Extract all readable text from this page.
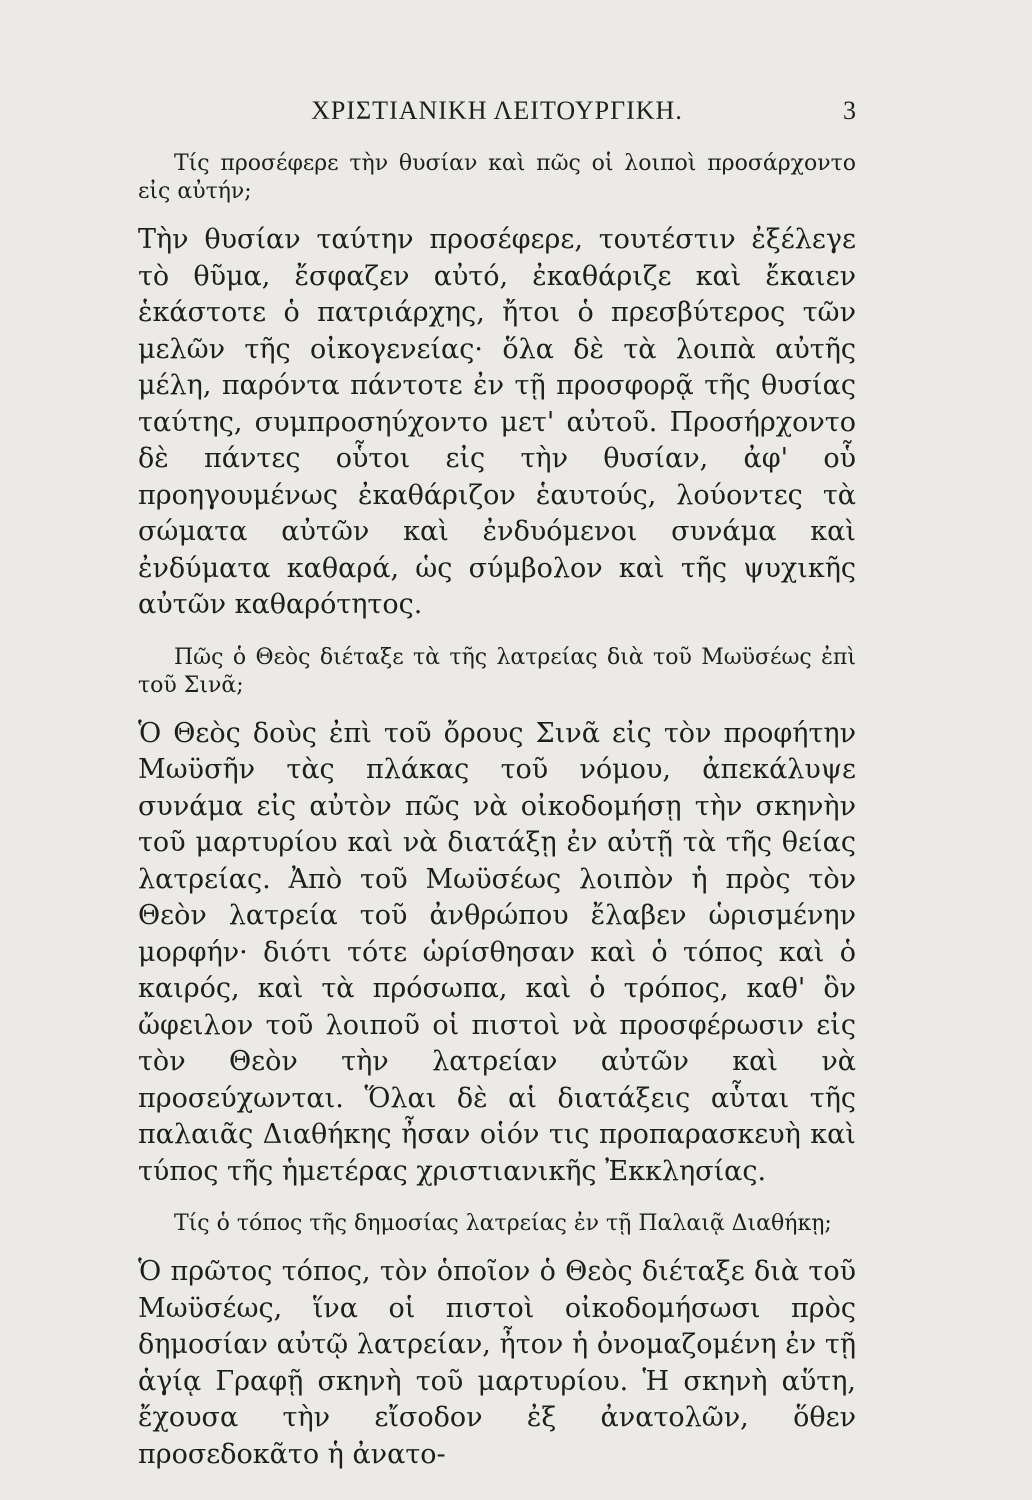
ΧΡΙΣΤΙΑΝΙΚΗ ΛΕΙΤΟΥΡΓΙΚΗ.	3

Τίς προσέφερε τὴν θυσίαν καὶ πῶς οἱ λοιποὶ προσάρχοντο εἰς αὐτήν;

Τὴν θυσίαν ταύτην προσέφερε, τουτέστιν ἐξέλεγε τὸ θῦμα, ἔσφαζεν αὐτό, ἐκαθάριζε καὶ ἔκαιεν ἑκάστοτε ὁ πατριάρχης, ἤτοι ὁ πρεσβύτερος τῶν μελῶν τῆς οἰκογενείας· ὅλα δὲ τὰ λοιπὰ αὐτῆς μέλη, παρόντα πάντοτε ἐν τῇ προσφορᾷ τῆς θυσίας ταύτης, συμπροσηύχοντο μετ' αὐτοῦ. Προσήρχοντο δὲ πάντες οὗτοι εἰς τὴν θυσίαν, ἀφ' οὗ προηγουμένως ἐκαθάριζον ἑαυτούς, λούοντες τὰ σώματα αὐτῶν καὶ ἐνδυόμενοι συνάμα καὶ ἐνδύματα καθαρά, ὡς σύμβολον καὶ τῆς ψυχικῆς αὐτῶν καθαρότητος.

Πῶς ὁ Θεὸς διέταξε τὰ τῆς λατρείας διὰ τοῦ Μωϋσέως ἐπὶ τοῦ Σινᾶ;

Ὁ Θεὸς δοὺς ἐπὶ τοῦ ὄρους Σινᾶ εἰς τὸν προφήτην Μωϋσῆν τὰς πλάκας τοῦ νόμου, ἀπεκάλυψε συνάμα εἰς αὐτὸν πῶς νὰ οἰκοδομήσῃ τὴν σκηνὴν τοῦ μαρτυρίου καὶ νὰ διατάξῃ ἐν αὐτῇ τὰ τῆς θείας λατρείας. Ἀπὸ τοῦ Μωϋσέως λοιπὸν ἡ πρὸς τὸν Θεὸν λατρεία τοῦ ἀνθρώπου ἔλαβεν ὡρισμένην μορφήν· διότι τότε ὡρίσθησαν καὶ ὁ τόπος καὶ ὁ καιρός, καὶ τὰ πρόσωπα, καὶ ὁ τρόπος, καθ' ὃν ὤφειλον τοῦ λοιποῦ οἱ πιστοὶ νὰ προσφέρωσιν εἰς τὸν Θεὸν τὴν λατρείαν αὐτῶν καὶ νὰ προσεύχωνται. Ὅλαι δὲ αἱ διατάξεις αὗται τῆς παλαιᾶς Διαθήκης ἦσαν οἱόν τις προπαρασκευὴ καὶ τύπος τῆς ἡμετέρας χριστιανικῆς Ἐκκλησίας.

Τίς ὁ τόπος τῆς δημοσίας λατρείας ἐν τῇ Παλαιᾷ Διαθήκῃ;

Ὁ πρῶτος τόπος, τὸν ὁποῖον ὁ Θεὸς διέταξε διὰ τοῦ Μωϋσέως, ἵνα οἱ πιστοὶ οἰκοδομήσωσι πρὸς δημοσίαν αὐτῷ λατρείαν, ἦτον ἡ ὀνομαζομένη ἐν τῇ ἁγίᾳ Γραφῇ σκηνὴ τοῦ μαρτυρίου. Ἡ σκηνὴ αὕτη, ἔχουσα τὴν εἴσοδον ἐξ ἀνατολῶν, ὅθεν προσεδοκᾶτο ἡ ἀνατο-
